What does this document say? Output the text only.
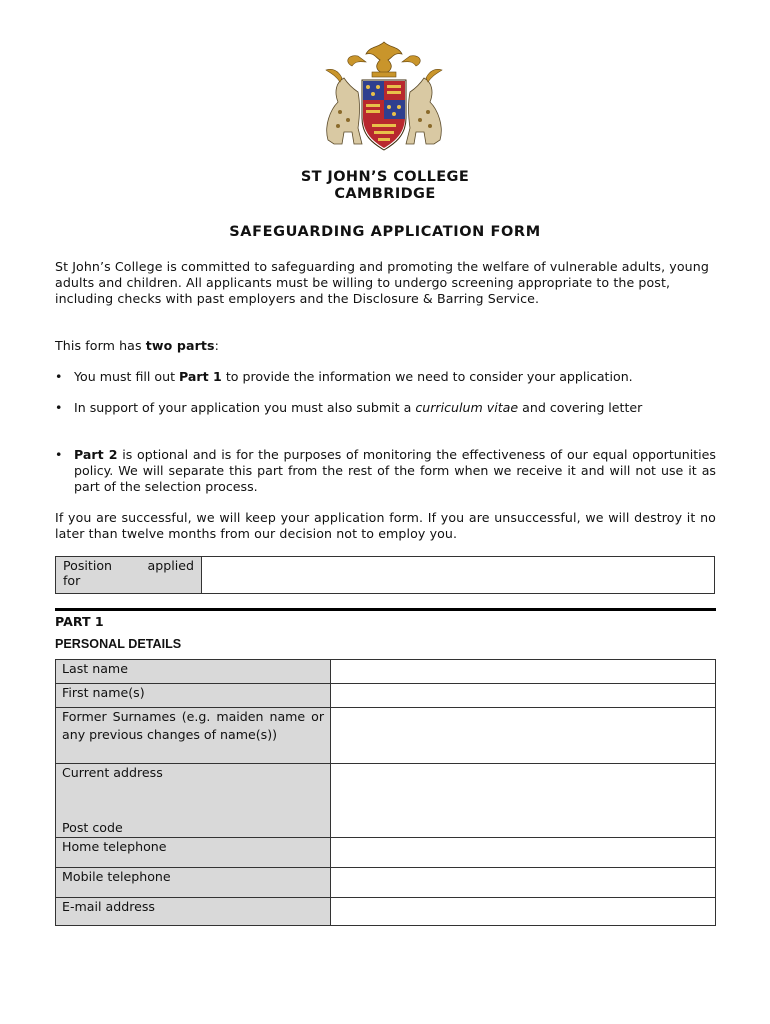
ST JOHN’S COLLEGE
CAMBRIDGE
SAFEGUARDING APPLICATION FORM
St John’s College is committed to safeguarding and promoting the welfare of vulnerable adults, young adults and children. All applicants must be willing to undergo screening appropriate to the post, including checks with past employers and the Disclosure & Barring Service.
This form has two parts:
• You must fill out Part 1 to provide the information we need to consider your application.
• In support of your application you must also submit a curriculum vitae and covering letter
• Part 2 is optional and is for the purposes of monitoring the effectiveness of our equal opportunities policy. We will separate this part from the rest of the form when we receive it and will not use it as part of the selection process.
If you are successful, we will keep your application form. If you are unsuccessful, we will destroy it no later than twelve months from our decision not to employ you.
Position applied
for
PART 1
PERSONAL DETAILS
Last name	
First name(s)	
Former Surnames (e.g. maiden name or any previous changes of name(s))	

Current address
Post code	

Home telephone	
Mobile telephone	
E-mail address	
